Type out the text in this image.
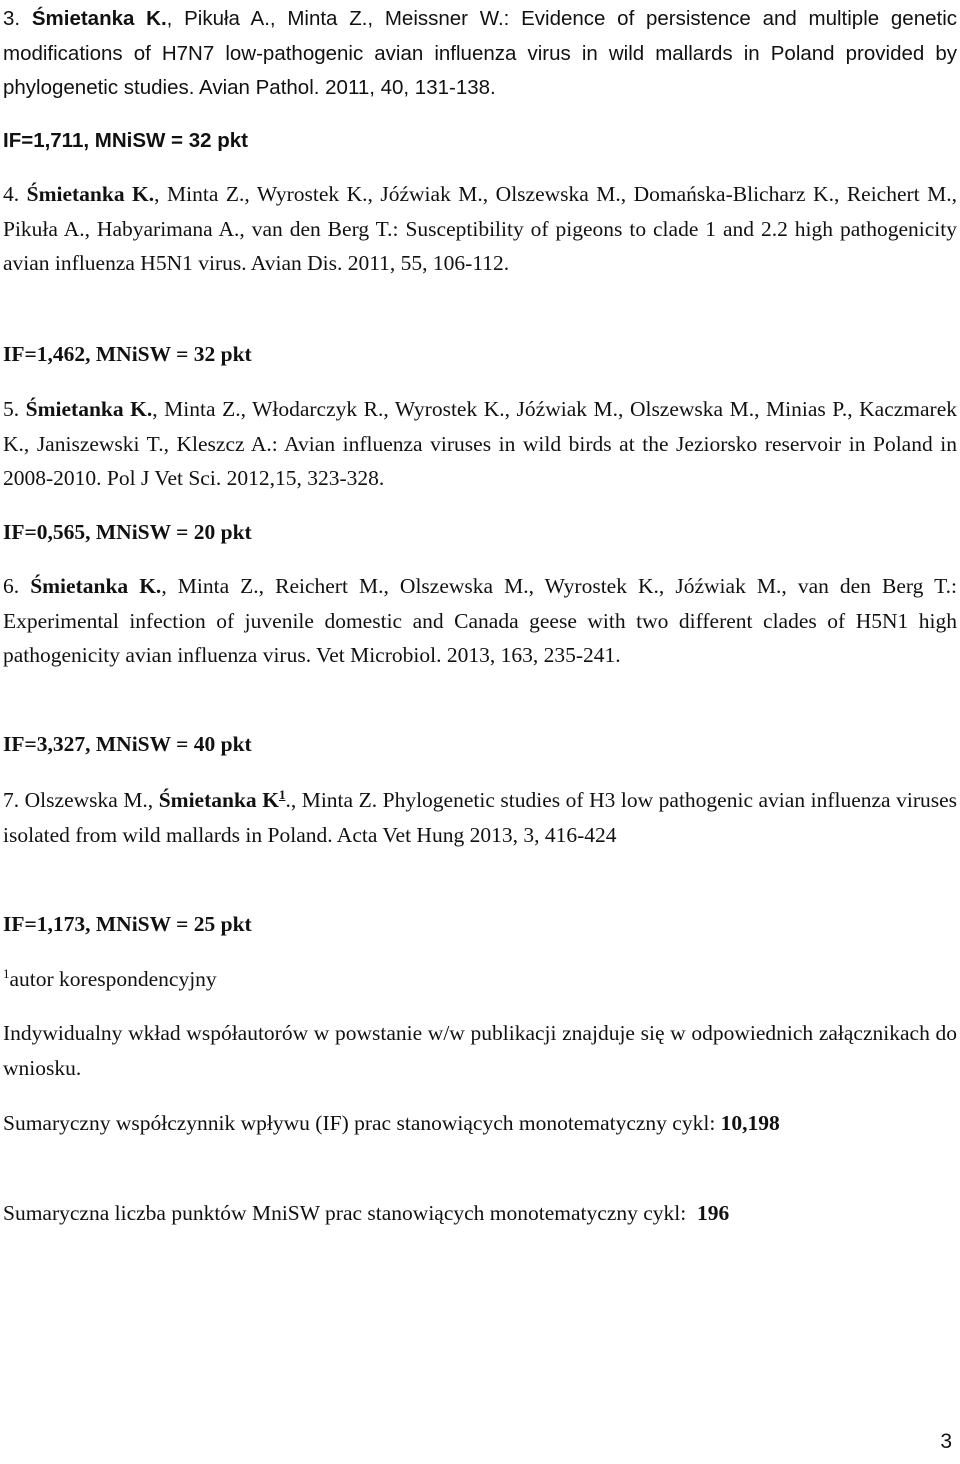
3. Śmietanka K., Pikuła A., Minta Z., Meissner W.: Evidence of persistence and multiple genetic modifications of H7N7 low-pathogenic avian influenza virus in wild mallards in Poland provided by phylogenetic studies. Avian Pathol. 2011, 40, 131-138.

IF=1,711, MNiSW = 32 pkt

4. Śmietanka K., Minta Z., Wyrostek K., Jóźwiak M., Olszewska M., Domańska-Blicharz K., Reichert M., Pikuła A., Habyarimana A., van den Berg T.: Susceptibility of pigeons to clade 1 and 2.2 high pathogenicity avian influenza H5N1 virus. Avian Dis. 2011, 55, 106-112.

IF=1,462, MNiSW = 32 pkt

5. Śmietanka K., Minta Z., Włodarczyk R., Wyrostek K., Jóźwiak M., Olszewska M., Minias P., Kaczmarek K., Janiszewski T., Kleszcz A.: Avian influenza viruses in wild birds at the Jeziorsko reservoir in Poland in 2008-2010. Pol J Vet Sci. 2012,15, 323-328.

IF=0,565, MNiSW = 20 pkt

6. Śmietanka K., Minta Z., Reichert M., Olszewska M., Wyrostek K., Jóźwiak M., van den Berg T.: Experimental infection of juvenile domestic and Canada geese with two different clades of H5N1 high pathogenicity avian influenza virus. Vet Microbiol. 2013, 163, 235-241.

IF=3,327, MNiSW = 40 pkt

7. Olszewska M., Śmietanka $K^1$., Minta Z. Phylogenetic studies of H3 low pathogenic avian influenza viruses isolated from wild mallards in Poland. Acta Vet Hung 2013, 3, 416-424

IF=1,173, MNiSW = 25 pkt

$^1$autor korespondencyjny

Indywidualny wkład współautorów w powstanie w/w publikacji znajduje się w odpowiednich załącznikach do wniosku.

Sumaryczny współczynnik wpływu (IF) prac stanowiących monotematyczny cykl: 10,198

Sumaryczna liczba punktów MniSW prac stanowiących monotematyczny cykl: 196

3
